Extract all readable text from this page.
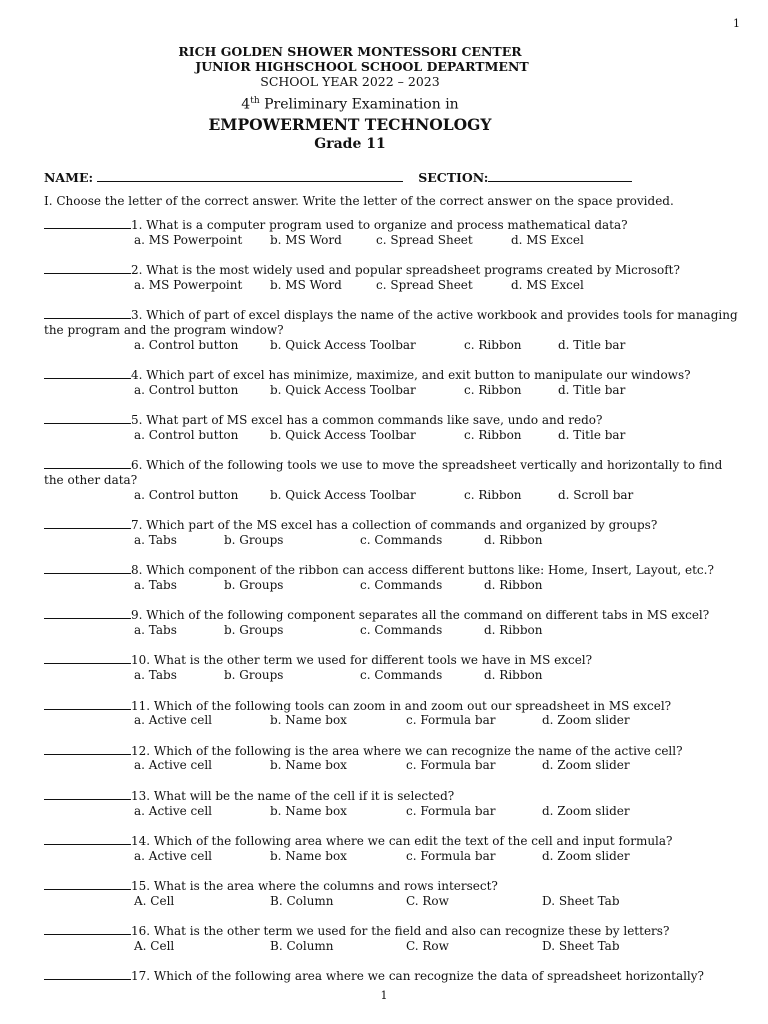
1
RICH GOLDEN SHOWER MONTESSORI CENTER
JUNIOR HIGHSCHOOL SCHOOL DEPARTMENT
SCHOOL YEAR 2022 – 2023
4th Preliminary Examination in
EMPOWERMENT TECHNOLOGY
Grade 11
NAME:	SECTION:
I. Choose the letter of the correct answer. Write the letter of the correct answer on the space provided.
1. What is a computer program used to organize and process mathematical data?
a. MS Powerpoint	b. MS Word	c. Spread Sheet	d. MS Excel
2. What is the most widely used and popular spreadsheet programs created by Microsoft?
a. MS Powerpoint	b. MS Word	c. Spread Sheet	d. MS Excel
3. Which of part of excel displays the name of the active workbook and provides tools for managing the program and the program window?
a. Control button	b. Quick Access Toolbar	c. Ribbon	d. Title bar
4. Which part of excel has minimize, maximize, and exit button to manipulate our windows?
a. Control button	b. Quick Access Toolbar	c. Ribbon	d. Title bar
5. What part of MS excel has a common commands like save, undo and redo?
a. Control button	b. Quick Access Toolbar	c. Ribbon	d. Title bar
6. Which of the following tools we use to move the spreadsheet vertically and horizontally to find the other data?
a. Control button	b. Quick Access Toolbar	c. Ribbon	d. Scroll bar
7. Which part of the MS excel has a collection of commands and organized by groups?
a. Tabs	b. Groups	c. Commands	d. Ribbon
8. Which component of the ribbon can access different buttons like: Home, Insert, Layout, etc.?
a. Tabs	b. Groups	c. Commands	d. Ribbon
9. Which of the following component separates all the command on different tabs in MS excel?
a. Tabs	b. Groups	c. Commands	d. Ribbon
10. What is the other term we used for different tools we have in MS excel?
a. Tabs	b. Groups	c. Commands	d. Ribbon
11. Which of the following tools can zoom in and zoom out our spreadsheet in MS excel?
a. Active cell	b. Name box	c. Formula bar	d. Zoom slider
12. Which of the following is the area where we can recognize the name of the active cell?
a. Active cell	b. Name box	c. Formula bar	d. Zoom slider
13. What will be the name of the cell if it is selected?
a. Active cell	b. Name box	c. Formula bar	d. Zoom slider
14. Which of the following area where we can edit the text of the cell and input formula?
a. Active cell	b. Name box	c. Formula bar	d. Zoom slider
15. What is the area where the columns and rows intersect?
A. Cell	B. Column	C. Row	D. Sheet Tab
16. What is the other term we used for the field and also can recognize these by letters?
A. Cell	B. Column	C. Row	D. Sheet Tab
17. Which of the following area where we can recognize the data of spreadsheet horizontally?
1
